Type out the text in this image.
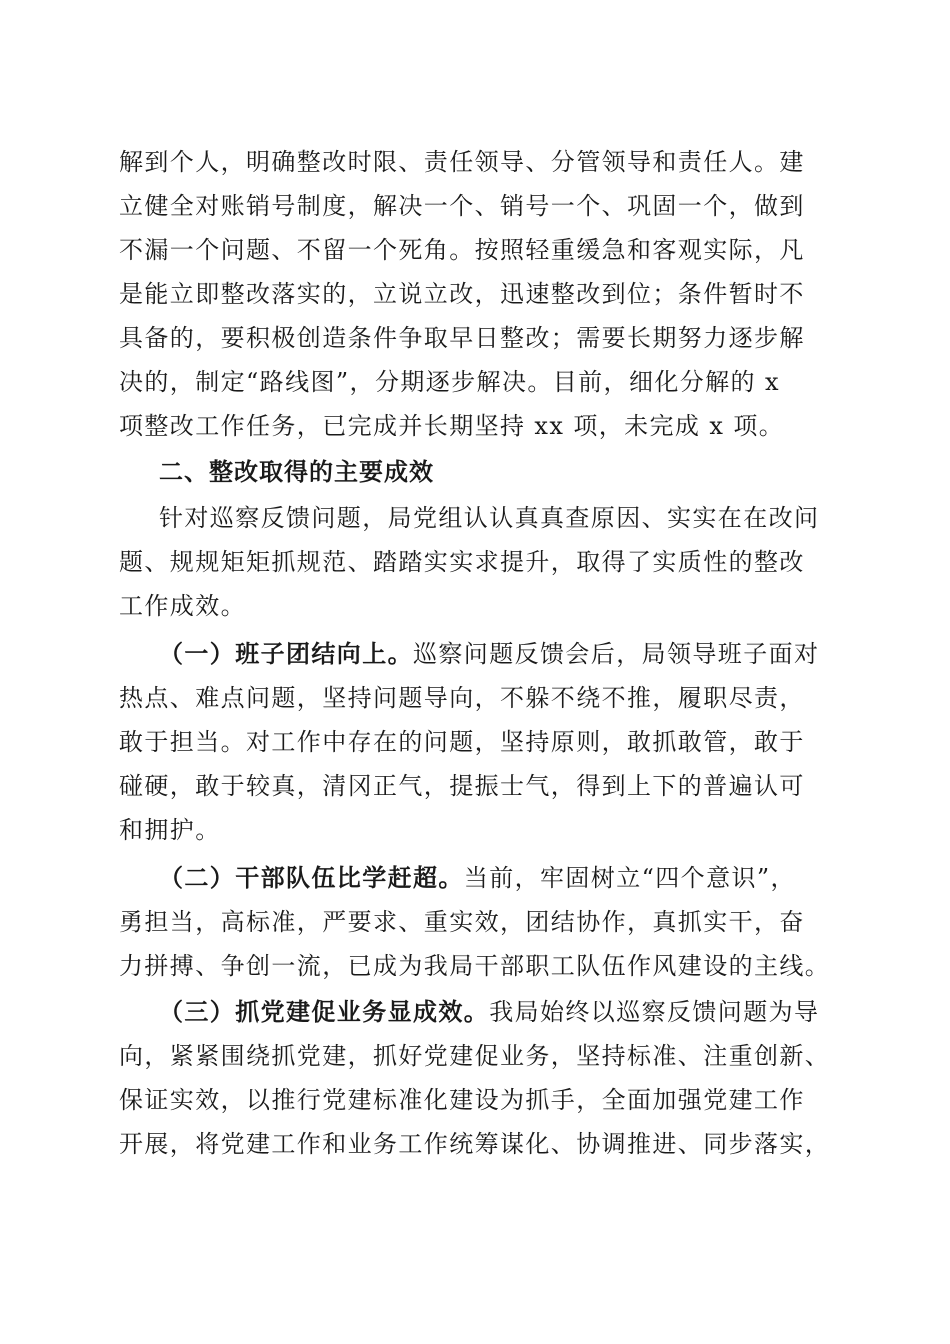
解到个人，明确整改时限、责任领导、分管领导和责任人。建
立健全对账销号制度，解决一个、销号一个、巩固一个，做到
不漏一个问题、不留一个死角。按照轻重缓急和客观实际，凡
是能立即整改落实的，立说立改，迅速整改到位；条件暂时不
具备的，要积极创造条件争取早日整改；需要长期努力逐步解
决的，制定“路线图”，分期逐步解决。目前，细化分解的 x
项整改工作任务，已完成并长期坚持 xx 项，未完成 x 项。
二、整改取得的主要成效
针对巡察反馈问题，局党组认认真真查原因、实实在在改问
题、规规矩矩抓规范、踏踏实实求提升，取得了实质性的整改
工作成效。
（一）班子团结向上。巡察问题反馈会后，局领导班子面对
热点、难点问题，坚持问题导向，不躲不绕不推，履职尽责，
敢于担当。对工作中存在的问题，坚持原则，敢抓敢管，敢于
碰硬，敢于较真，清冈正气，提振士气，得到上下的普遍认可
和拥护。
（二）干部队伍比学赶超。当前，牢固树立“四个意识”，
勇担当，高标准，严要求、重实效，团结协作，真抓实干，奋
力拼搏、争创一流，已成为我局干部职工队伍作风建设的主线。
（三）抓党建促业务显成效。我局始终以巡察反馈问题为导
向，紧紧围绕抓党建，抓好党建促业务，坚持标准、注重创新、
保证实效，以推行党建标准化建设为抓手，全面加强党建工作
开展，将党建工作和业务工作统筹谋化、协调推进、同步落实，
